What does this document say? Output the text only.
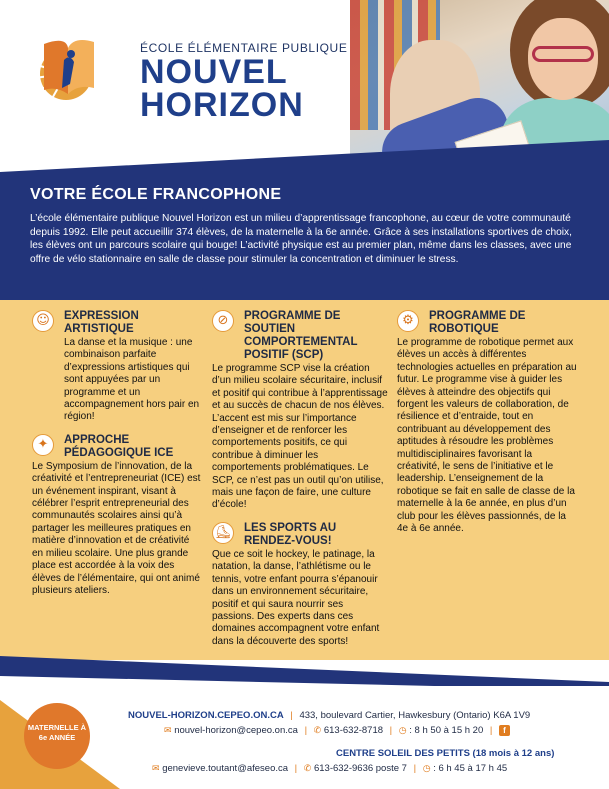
ÉCOLE ÉLÉMENTAIRE PUBLIQUE
NOUVEL
HORIZON
VOTRE ÉCOLE FRANCOPHONE
L’école élémentaire publique Nouvel Horizon est un milieu d’apprentissage francophone, au cœur de votre communauté depuis 1992. Elle peut accueillir 374 élèves, de la maternelle à la 6e année. Grâce à ses installations sportives de choix, les élèves ont un parcours scolaire qui bouge! L’activité physique est au premier plan, même dans les classes, avec une offre de vélo stationnaire en salle de classe pour stimuler la concentration et diminuer le stress.
☺	EXPRESSION ARTISTIQUE
La danse et la musique : une combinaison parfaite d’expressions artistiques qui sont appuyées par un programme et un accompagnement hors pair en région!
✦	APPROCHE PÉDAGOGIQUE ICE
Le Symposium de l’innovation, de la créativité et l’entrepreneuriat (ICE) est un événement inspirant, visant à célébrer l’esprit entrepreneurial des communautés scolaires ainsi qu’à partager les meilleures pratiques en matière d’innovation et de créativité en milieu scolaire. Une plus grande place est accordée à la voix des élèves de l’élémentaire, qui ont animé plusieurs ateliers.
⊘	PROGRAMME DE SOUTIEN COMPORTEMENTAL POSITIF (SCP)
Le programme SCP vise la création d’un milieu scolaire sécuritaire, inclusif et positif qui contribue à l’apprentissage et au succès de chacun de nos élèves. L’accent est mis sur l’importance d’enseigner et de renforcer les comportements positifs, ce qui contribue à diminuer les comportements problématiques. Le SCP, ce n’est pas un outil qu’on utilise, mais une façon de faire, une culture d’école!
⛸	LES SPORTS AU RENDEZ-VOUS!
Que ce soit le hockey, le patinage, la natation, la danse, l’athlétisme ou le tennis, votre enfant pourra s’épanouir dans un environnement sécuritaire, positif et qui saura nourrir ses passions. Des experts dans ces domaines accompagnent votre enfant dans la découverte des sports!
⚙	PROGRAMME DE ROBOTIQUE
Le programme de robotique permet aux élèves un accès à différentes technologies actuelles en préparation au futur. Le programme vise à guider les élèves à atteindre des objectifs qui forgent les valeurs de collaboration, de résilience et d’entraide, tout en contribuant au développement des aptitudes à résoudre les problèmes multidisciplinaires favorisant la créativité, le sens de l’initiative et le leadership. L’enseignement de la robotique se fait en salle de classe de la maternelle à la 6e année, en plus d’un club pour les élèves passionnés, de la 4e à 6e année.
MATERNELLE À 6e ANNÉE
NOUVEL-HORIZON.CEPEO.ON.CA | 433, boulevard Cartier, Hawkesbury (Ontario) K6A 1V9
✉ nouvel-horizon@cepeo.on.ca | ✆ 613-632-8718 | ◷ : 8 h 50 à 15 h 20 | f
CENTRE SOLEIL DES PETITS (18 mois à 12 ans)
✉ genevieve.toutant@afeseo.ca | ✆ 613-632-9636 poste 7 | ◷ : 6 h 45 à 17 h 45
